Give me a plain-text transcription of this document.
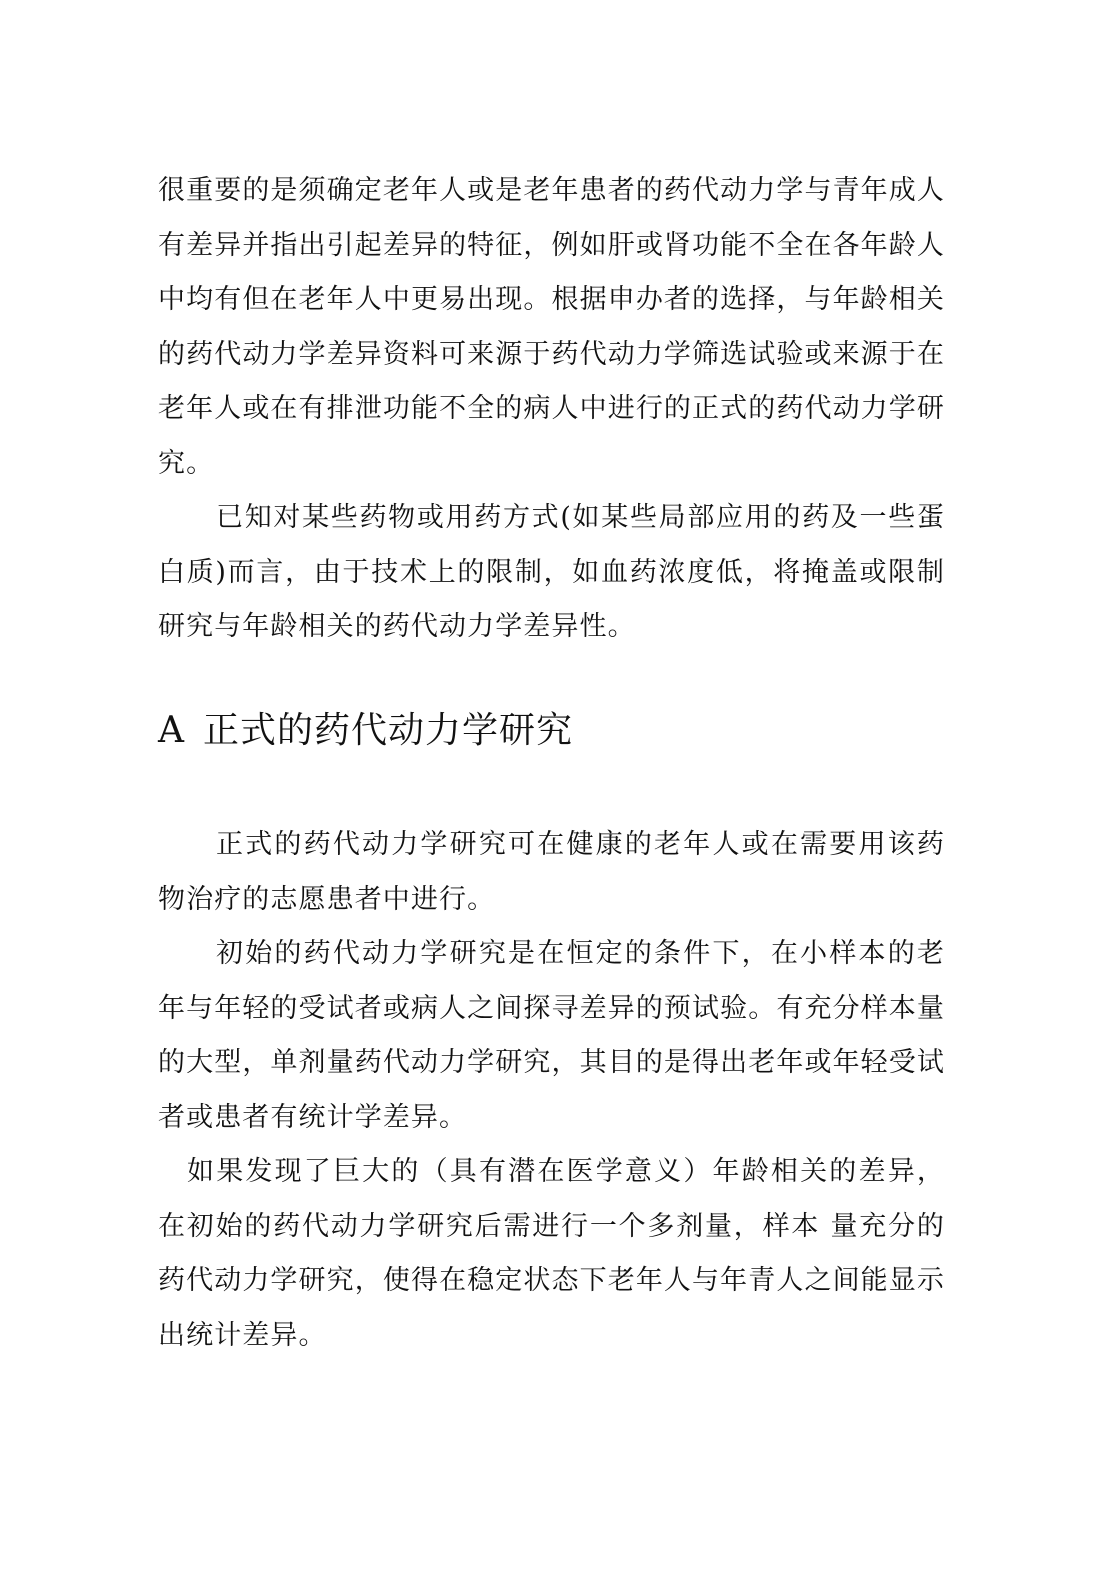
很重要的是须确定老年人或是老年患者的药代动力学与青年成人有差异并指出引起差异的特征，例如肝或肾功能不全在各年龄人中均有但在老年人中更易出现。根据申办者的选择，与年龄相关的药代动力学差异资料可来源于药代动力学筛选试验或来源于在老年人或在有排泄功能不全的病人中进行的正式的药代动力学研究。

已知对某些药物或用药方式(如某些局部应用的药及一些蛋白质)而言，由于技术上的限制，如血药浓度低，将掩盖或限制研究与年龄相关的药代动力学差异性。

A 正式的药代动力学研究

正式的药代动力学研究可在健康的老年人或在需要用该药物治疗的志愿患者中进行。

初始的药代动力学研究是在恒定的条件下，在小样本的老年与年轻的受试者或病人之间探寻差异的预试验。有充分样本量的大型，单剂量药代动力学研究，其目的是得出老年或年轻受试者或患者有统计学差异。

如果发现了巨大的（具有潜在医学意义）年龄相关的差异，在初始的药代动力学研究后需进行一个多剂量，样本 量充分的药代动力学研究，使得在稳定状态下老年人与年青人之间能显示出统计差异。
